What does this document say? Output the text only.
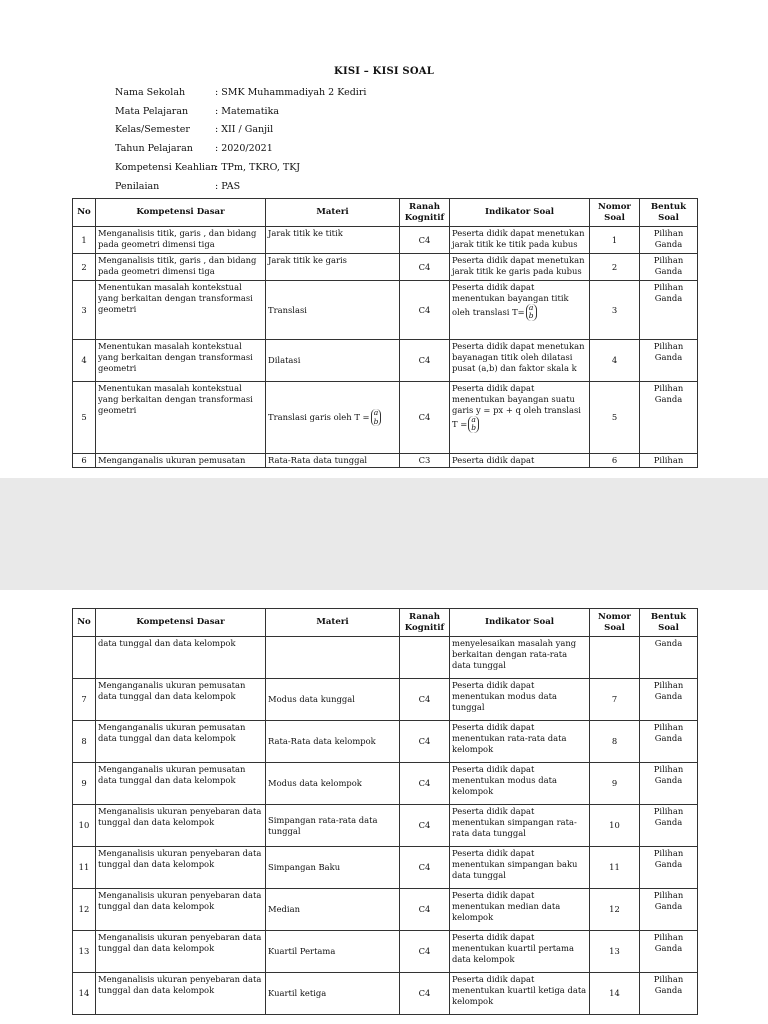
KISI – KISI SOAL
Nama Sekolah	: SMK Muhammadiyah 2 Kediri
Mata Pelajaran	: Matematika
Kelas/Semester	: XII / Ganjil
Tahun Pelajaran	: 2020/2021
Kompetensi Keahlian
: TPm, TKRO, TKJ
Penilaian	: PAS
No	Kompetensi Dasar	Materi	Ranah Kognitif	Indikator Soal	Nomor Soal	Bentuk Soal
1	Menganalisis titik, garis , dan bidang pada geometri dimensi tiga	Jarak titik ke titik	C4	Peserta didik dapat menetukan jarak titik ke titik pada kubus	1	Pilihan Ganda
2	Menganalisis titik, garis , dan bidang pada geometri dimensi tiga	Jarak titik ke garis	C4	Peserta didik dapat menetukan jarak titik ke garis pada kubus	2	Pilihan Ganda
3	Menentukan masalah kontekstual yang berkaitan dengan transformasi geometri	Translasi	C4	Peserta didik dapat menentukan bayangan titik
oleh translasi T= a
b	3	Pilihan Ganda
4	Menentukan masalah kontekstual yang berkaitan dengan transformasi geometri	Dilatasi	C4	Peserta didik dapat menetukan bayanagan titik oleh dilatasi pusat (a,b) dan faktor skala k	4	Pilihan Ganda
5	Menentukan masalah kontekstual yang berkaitan dengan transformasi geometri	Translasi garis oleh T = a
b	C4	Peserta didik dapat menentukan bayangan suatu garis y = px + q oleh translasi
T = a
b	5	Pilihan Ganda
6	Menganganalis ukuran pemusatan	Rata-Rata data tunggal	C3	Peserta didik dapat	6	Pilihan
No	Kompetensi Dasar	Materi	Ranah Kognitif	Indikator Soal	Nomor Soal	Bentuk Soal
	data tunggal dan data kelompok			menyelesaikan masalah yang berkaitan dengan rata-rata data tunggal		Ganda
7	Menganganalis ukuran pemusatan data tunggal dan data kelompok	Modus data kunggal	C4	Peserta didik dapat menentukan modus data tunggal	7	Pilihan Ganda
8	Menganganalis ukuran pemusatan data tunggal dan data kelompok	Rata-Rata data kelompok	C4	Peserta didik dapat menentukan rata-rata data kelompok	8	Pilihan Ganda
9	Menganganalis ukuran pemusatan data tunggal dan data kelompok	Modus data kelompok	C4	Peserta didik dapat menentukan modus data kelompok	9	Pilihan Ganda
10	Menganalisis ukuran penyebaran data tunggal dan data kelompok	Simpangan rata-rata data tunggal	C4	Peserta didik dapat menentukan simpangan rata-rata data tunggal	10	Pilihan Ganda
11	Menganalisis ukuran penyebaran data tunggal dan data kelompok	Simpangan Baku	C4	Peserta didik dapat menentukan simpangan baku data tunggal	11	Pilihan Ganda
12	Menganalisis ukuran penyebaran data tunggal dan data kelompok	Median	C4	Peserta didik dapat menentukan median data kelompok	12	Pilihan Ganda
13	Menganalisis ukuran penyebaran data tunggal dan data kelompok	Kuartil Pertama	C4	Peserta didik dapat menentukan kuartil pertama data kelompok	13	Pilihan Ganda
14	Menganalisis ukuran penyebaran data tunggal dan data kelompok	Kuartil ketiga	C4	Peserta didik dapat menentukan kuartil ketiga data kelompok	14	Pilihan Ganda
